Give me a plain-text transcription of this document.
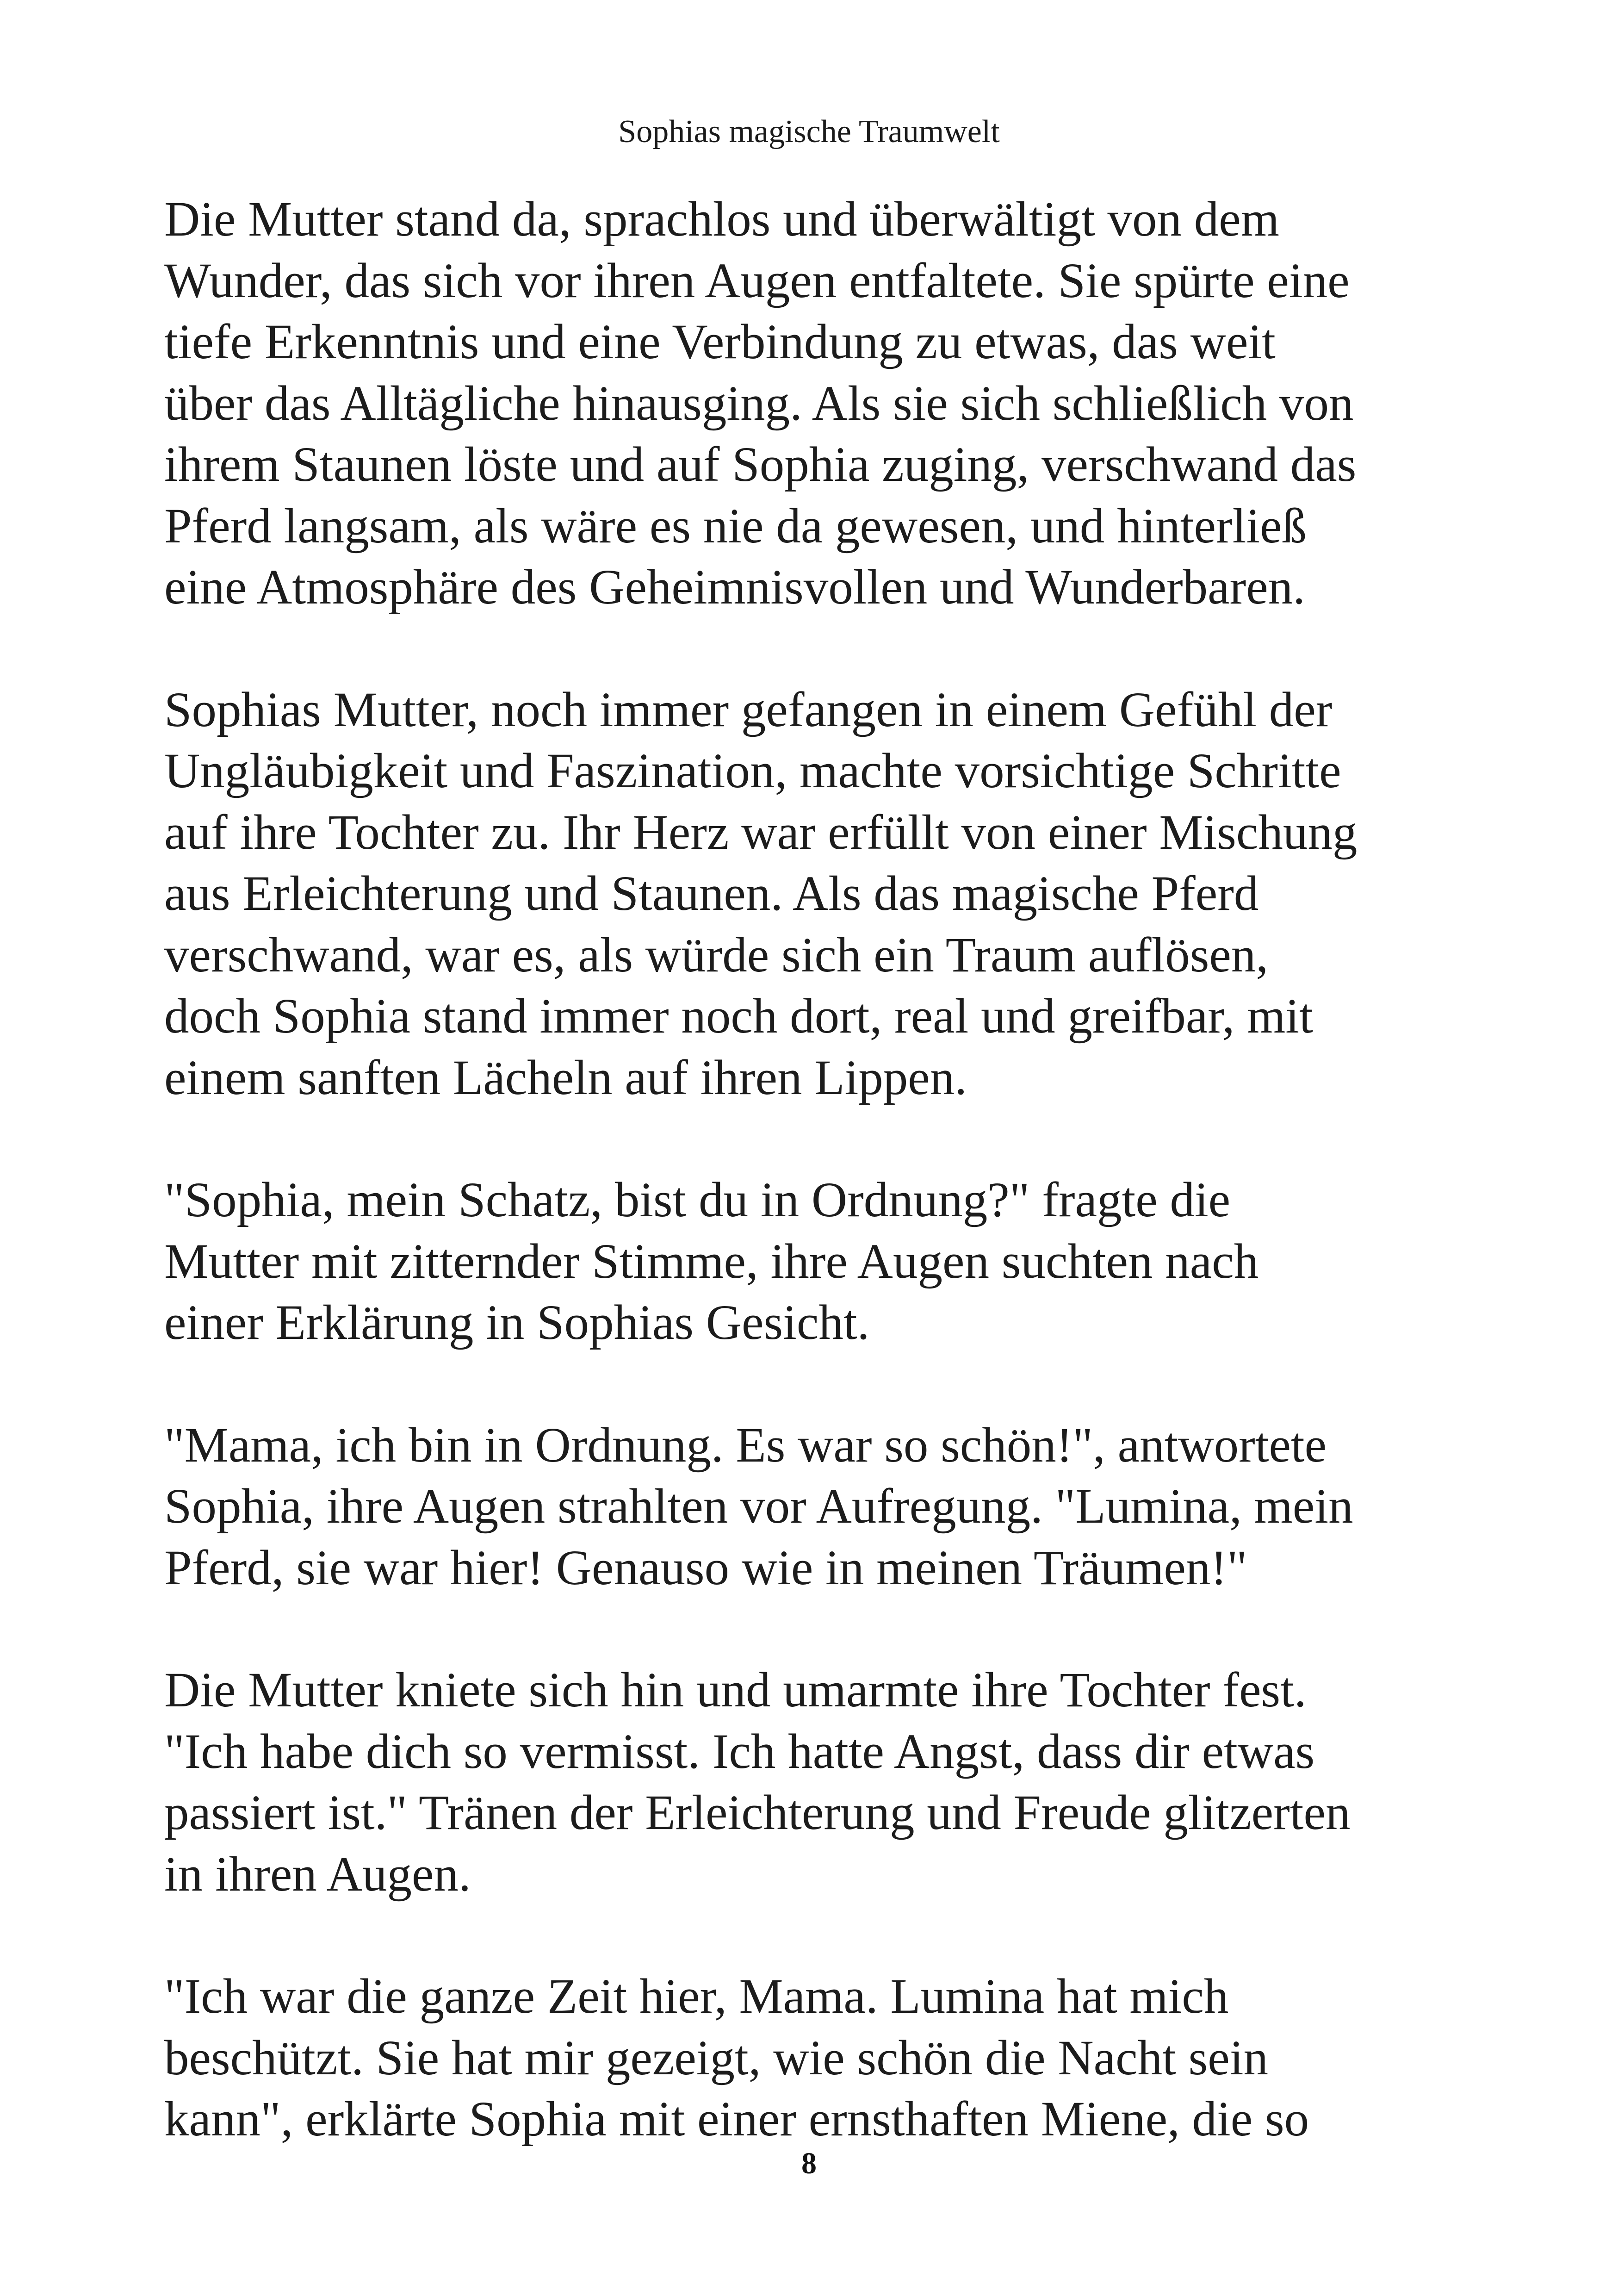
Sophias magische Traumwelt

Die Mutter stand da, sprachlos und überwältigt von dem
Wunder, das sich vor ihren Augen entfaltete. Sie spürte eine
tiefe Erkenntnis und eine Verbindung zu etwas, das weit
über das Alltägliche hinausging. Als sie sich schließlich von
ihrem Staunen löste und auf Sophia zuging, verschwand das
Pferd langsam, als wäre es nie da gewesen, und hinterließ
eine Atmosphäre des Geheimnisvollen und Wunderbaren.

Sophias Mutter, noch immer gefangen in einem Gefühl der
Ungläubigkeit und Faszination, machte vorsichtige Schritte
auf ihre Tochter zu. Ihr Herz war erfüllt von einer Mischung
aus Erleichterung und Staunen. Als das magische Pferd
verschwand, war es, als würde sich ein Traum auflösen,
doch Sophia stand immer noch dort, real und greifbar, mit
einem sanften Lächeln auf ihren Lippen.

"Sophia, mein Schatz, bist du in Ordnung?" fragte die
Mutter mit zitternder Stimme, ihre Augen suchten nach
einer Erklärung in Sophias Gesicht.

"Mama, ich bin in Ordnung. Es war so schön!", antwortete
Sophia, ihre Augen strahlten vor Aufregung. "Lumina, mein
Pferd, sie war hier! Genauso wie in meinen Träumen!"

Die Mutter kniete sich hin und umarmte ihre Tochter fest.
"Ich habe dich so vermisst. Ich hatte Angst, dass dir etwas
passiert ist." Tränen der Erleichterung und Freude glitzerten
in ihren Augen.

"Ich war die ganze Zeit hier, Mama. Lumina hat mich
beschützt. Sie hat mir gezeigt, wie schön die Nacht sein
kann", erklärte Sophia mit einer ernsthaften Miene, die so

8
